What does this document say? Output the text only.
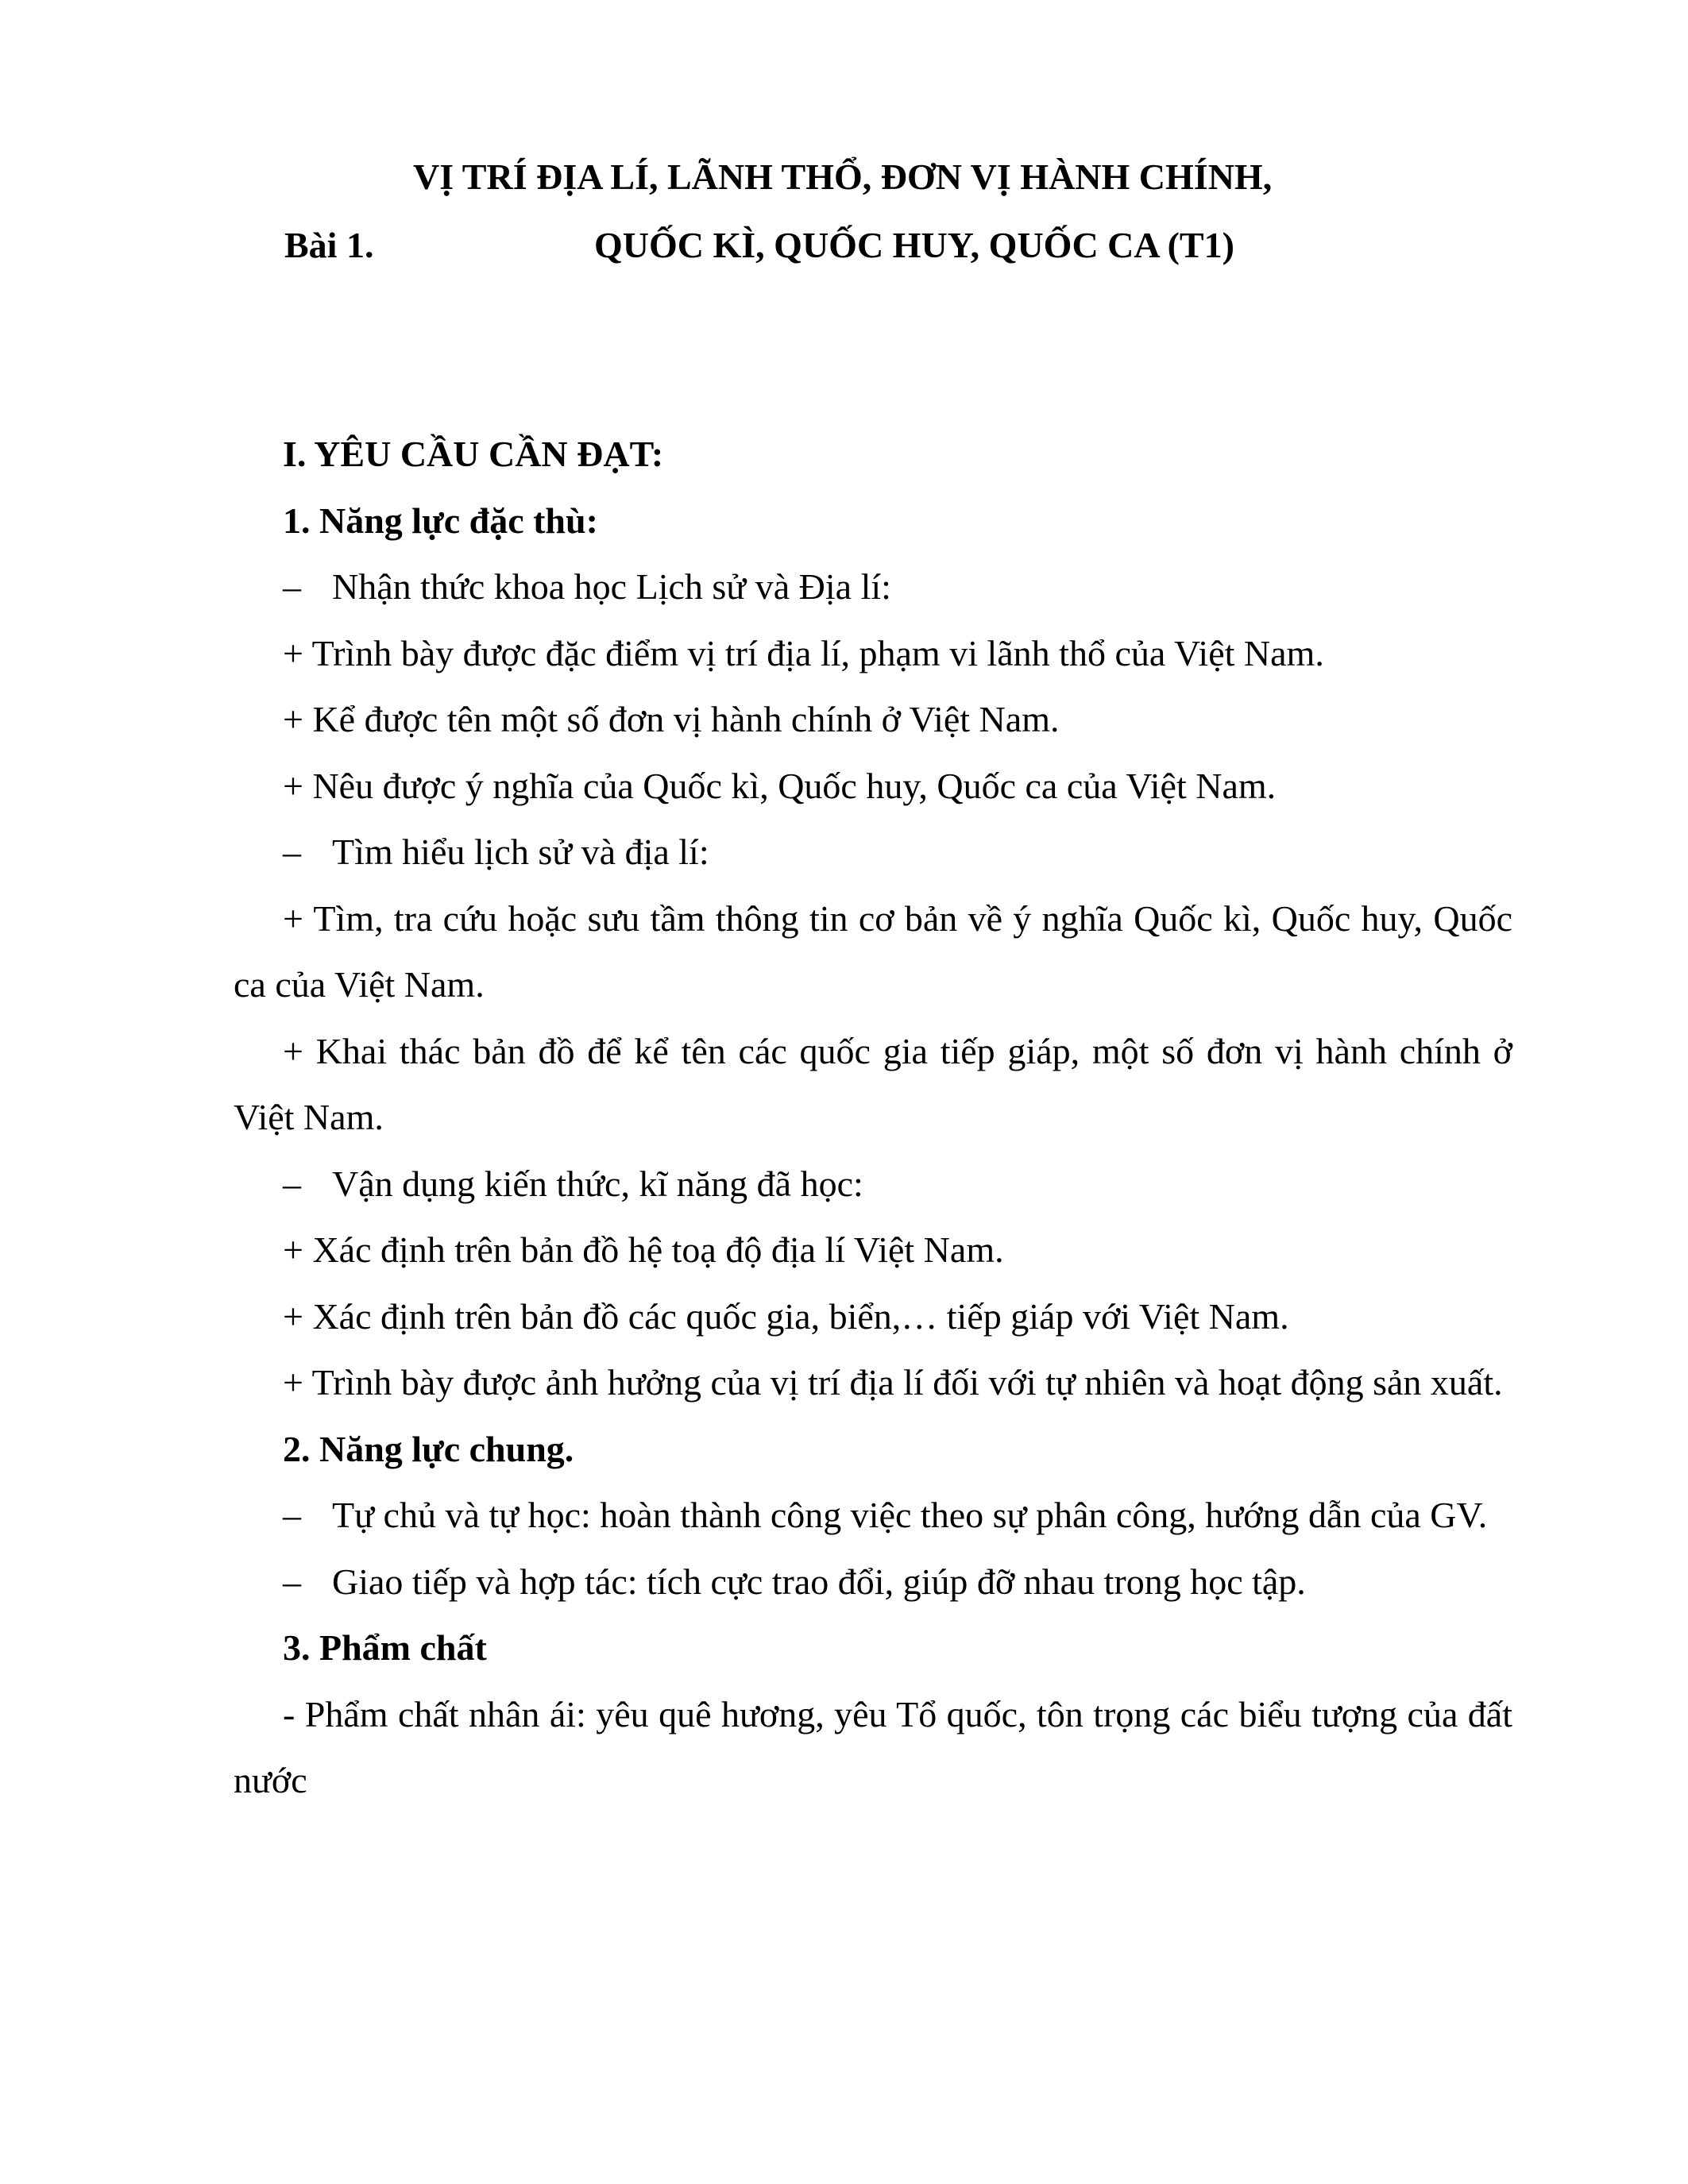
VỊ TRÍ ĐỊA LÍ, LÃNH THỔ, ĐƠN VỊ HÀNH CHÍNH,
Bài 1.	QUỐC KÌ, QUỐC HUY, QUỐC CA (T1)

I. YÊU CẦU CẦN ĐẠT:

1. Năng lực đặc thù:

– Nhận thức khoa học Lịch sử và Địa lí:

+ Trình bày được đặc điểm vị trí địa lí, phạm vi lãnh thổ của Việt Nam.

+ Kể được tên một số đơn vị hành chính ở Việt Nam.

+ Nêu được ý nghĩa của Quốc kì, Quốc huy, Quốc ca của Việt Nam.

– Tìm hiểu lịch sử và địa lí:

+ Tìm, tra cứu hoặc sưu tầm thông tin cơ bản về ý nghĩa Quốc kì, Quốc huy, Quốc ca của Việt Nam.

+ Khai thác bản đồ để kể tên các quốc gia tiếp giáp, một số đơn vị hành chính ở Việt Nam.

– Vận dụng kiến thức, kĩ năng đã học:

+ Xác định trên bản đồ hệ toạ độ địa lí Việt Nam.

+ Xác định trên bản đồ các quốc gia, biển,… tiếp giáp với Việt Nam.

+ Trình bày được ảnh hưởng của vị trí địa lí đối với tự nhiên và hoạt động sản xuất.

2. Năng lực chung.

– Tự chủ và tự học: hoàn thành công việc theo sự phân công, hướng dẫn của GV.

– Giao tiếp và hợp tác: tích cực trao đổi, giúp đỡ nhau trong học tập.

3. Phẩm chất

- Phẩm chất nhân ái: yêu quê hương, yêu Tổ quốc, tôn trọng các biểu tượng của đất nước
